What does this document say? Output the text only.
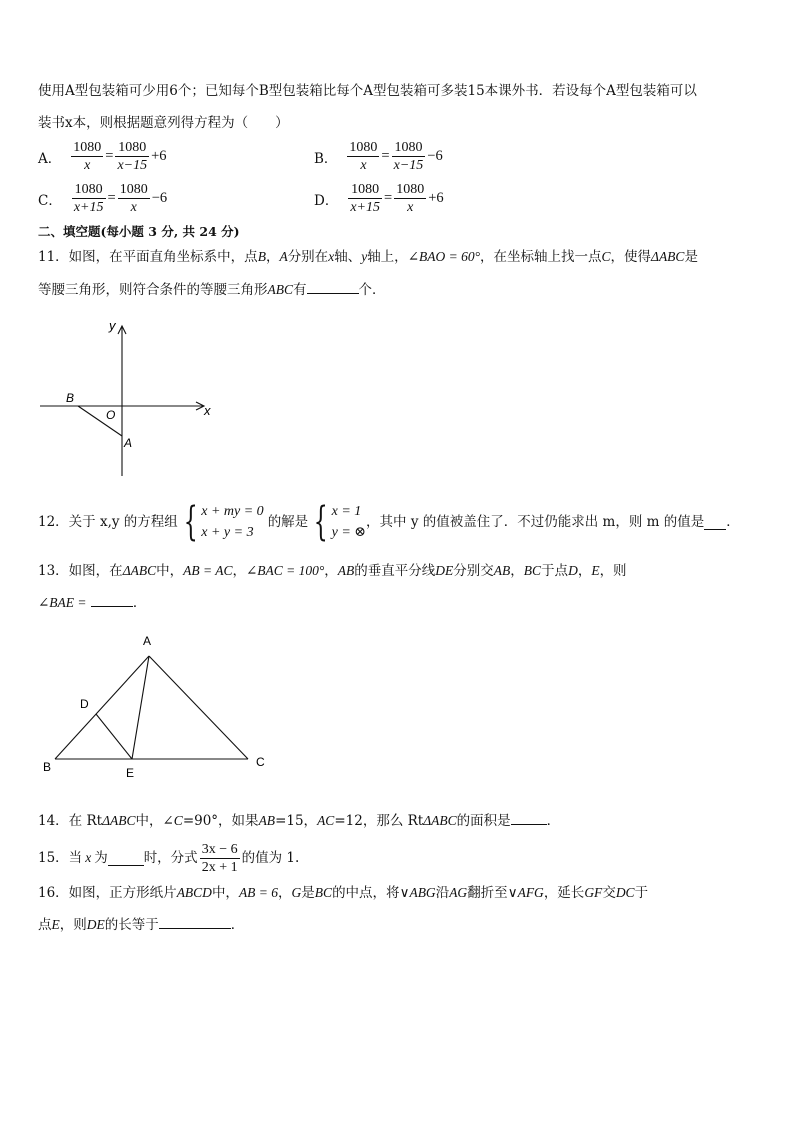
使用A型包装箱可少用6个；已知每个B型包装箱比每个A型包装箱可多装15本课外书．若设每个A型包装箱可以
装书x本，则根据题意列得方程为（　　）
A． $\frac{1080}{x} = \frac{1080}{x-15} +6$	B． $\frac{1080}{x} = \frac{1080}{x-15} -6$
C． $\frac{1080}{x+15} = \frac{1080}{x} -6$	D． $\frac{1080}{x+15} = \frac{1080}{x} +6$
二、填空题(每小题 3 分, 共 24 分)
11．如图，在平面直角坐标系中，点B，A分别在x轴、y轴上，∠BAO = 60°，在坐标轴上找一点C，使得ΔABC是
等腰三角形，则符合条件的等腰三角形ABC有	个．
y
x
B
O
A
12．关于 x,y 的方程组 { x + my = 0
x + y = 3
的解是 { x = 1
y = ⊗
，其中 y 的值被盖住了．不过仍能求出 m，则 m 的值是 ．
13．如图，在ΔABC中，AB = AC，∠BAC = 100°，AB的垂直平分线DE分别交AB，BC于点D，E，则
∠BAE =	．
A
B	C
D
E
14．在 RtΔABC中，∠C=90°，如果AB=15，AC=12，那么 RtΔABC的面积是	．
15．当 x 为	时，分式 $\frac{3x - 6}{2x + 1}$ 的值为 1.
16．如图，正方形纸片ABCD中，AB = 6，G是BC的中点，将∨ABG沿AG翻折至∨AFG，延长GF交DC于
点E，则DE的长等于	．
